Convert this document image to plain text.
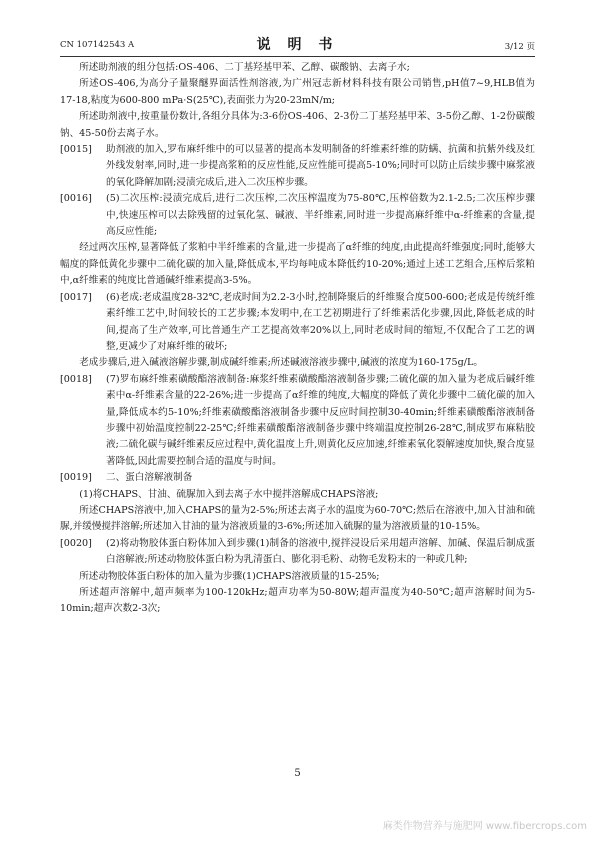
CN 107142543 A	说 明 书	3/12 页
所述助剂液的组分包括:OS-406、二丁基羟基甲苯、乙醇、碳酸钠、去离子水;
所述OS-406,为高分子量聚醚界面活性剂溶液,为广州冠志新材料科技有限公司销售,pH值7~9,HLB值为17-18,粘度为600-800 mPa·S(25℃),表面张力为20-23mN/m;
所述助剂液中,按重量份数计,各组分具体为:3-6份OS-406、2-3份二丁基羟基甲苯、3-5份乙醇、1-2份碳酸钠、45-50份去离子水。
[0015]	助剂液的加入,罗布麻纤维中的可以显著的提高本发明制备的纤维素纤维的防螨、抗菌和抗紫外线及红外线发射率,同时,进一步提高浆粕的反应性能,反应性能可提高5-10%;同时可以防止后续步骤中麻浆液的氧化降解加剧;浸渍完成后,进入二次压榨步骤。
[0016]	(5)二次压榨:浸渍完成后,进行二次压榨,二次压榨温度为75-80℃,压榨倍数为2.1-2.5;二次压榨步骤中,快速压榨可以去除残留的过氧化氢、碱液、半纤维素,同时进一步提高麻纤维中α-纤维素的含量,提高反应性能;
经过两次压榨,显著降低了浆粕中半纤维素的含量,进一步提高了α纤维的纯度,由此提高纤维强度;同时,能够大幅度的降低黄化步骤中二硫化碳的加入量,降低成本,平均每吨成本降低约10-20%;通过上述工艺组合,压榨后浆粕中,α纤维素的纯度比普通碱纤维素提高3-5%。
[0017]	(6)老成:老成温度28-32℃,老成时间为2.2-3小时,控制降聚后的纤维聚合度500-600;老成是传统纤维素纤维工艺中,时间较长的工艺步骤;本发明中,在工艺初期进行了纤维素活化步骤,因此,降低老成的时间,提高了生产效率,可比普通生产工艺提高效率20%以上,同时老成时间的缩短,不仅配合了工艺的调整,更减少了对麻纤维的破坏;
老成步骤后,进入碱液溶解步骤,制成碱纤维素;所述碱液溶液步骤中,碱液的浓度为160-175g/L。
[0018]	(7)罗布麻纤维素磺酸酯溶液制备:麻浆纤维素磺酸酯溶液制备步骤;二硫化碳的加入量为老成后碱纤维素中α-纤维素含量的22-26%;进一步提高了α纤维的纯度,大幅度的降低了黄化步骤中二硫化碳的加入量,降低成本约5-10%;纤维素磺酸酯溶液制备步骤中反应时间控制30-40min;纤维素磺酸酯溶液制备步骤中初始温度控制22-25℃;纤维素磺酸酯溶液制备步骤中终端温度控制26-28℃,制成罗布麻粘胶液;二硫化碳与碱纤维素反应过程中,黄化温度上升,则黄化反应加速,纤维素氧化裂解速度加快,聚合度显著降低,因此需要控制合适的温度与时间。
[0019]	二、蛋白溶解液制备
(1)将CHAPS、甘油、硫脲加入到去离子水中搅拌溶解成CHAPS溶液;
所述CHAPS溶液中,加入CHAPS的量为2-5%;所述去离子水的温度为60-70℃;然后在溶液中,加入甘油和硫脲,并缓慢搅拌溶解;所述加入甘油的量为溶液质量的3-6%;所述加入硫脲的量为溶液质量的10-15%。
[0020]	(2)将动物胶体蛋白粉体加入到步骤(1)制备的溶液中,搅拌浸设后采用超声溶解、加碱、保温后制成蛋白溶解液;所述动物胶体蛋白粉为乳清蛋白、膨化羽毛粉、动物毛发粉末的一种或几种;
所述动物胶体蛋白粉体的加入量为步骤(1)CHAPS溶液质量的15-25%;
所述超声溶解中,超声频率为100-120kHz;超声功率为50-80W;超声温度为40-50℃;超声溶解时间为5-10min;超声次数2-3次;
5
麻类作物营养与施肥网 www.fibercrops.com
